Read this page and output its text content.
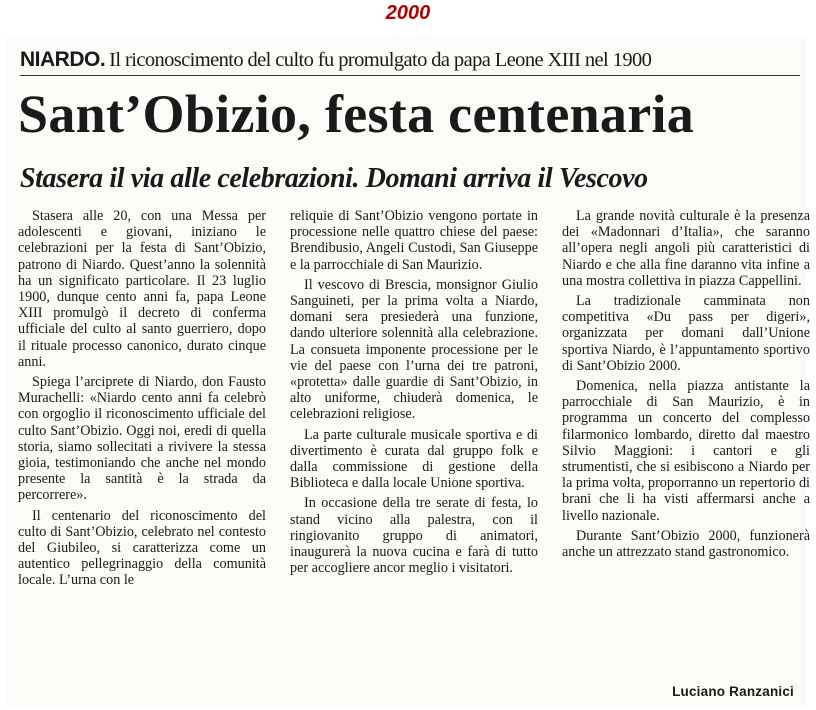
2000
NIARDO. Il riconoscimento del culto fu promulgato da papa Leone XIII nel 1900
Sant’Obizio, festa centenaria
Stasera il via alle celebrazioni. Domani arriva il Vescovo

Stasera alle 20, con una Messa per adolescenti e giovani, iniziano le celebrazioni per la festa di Sant’Obizio, patrono di Niardo. Quest’anno la solennità ha un significato particolare. Il 23 luglio 1900, dunque cento anni fa, papa Leone XIII promulgò il decreto di conferma ufficiale del culto al santo guerriero, dopo il rituale processo canonico, durato cinque anni.

Spiega l’arciprete di Niardo, don Fausto Murachelli: «Niardo cento anni fa celebrò con orgoglio il riconoscimento ufficiale del culto Sant’Obizio. Oggi noi, eredi di quella storia, siamo sollecitati a rivivere la stessa gioia, testimoniando che anche nel mondo presente la santità è la strada da percorrere».

Il centenario del riconoscimento del culto di Sant’Obizio, celebrato nel contesto del Giubileo, si caratterizza come un autentico pellegrinaggio della comunità locale. L’urna con le

reliquie di Sant’Obizio vengono portate in processione nelle quattro chiese del paese: Brendibusio, Angeli Custodi, San Giuseppe e la parrocchiale di San Maurizio.

Il vescovo di Brescia, monsignor Giulio Sanguineti, per la prima volta a Niardo, domani sera presiederà una funzione, dando ulteriore solennità alla celebrazione. La consueta imponente processione per le vie del paese con l’urna dei tre patroni, «protetta» dalle guardie di Sant’Obizio, in alto uniforme, chiuderà domenica, le celebrazioni religiose.

La parte culturale musicale sportiva e di divertimento è curata dal gruppo folk e dalla commissione di gestione della Biblioteca e dalla locale Unione sportiva.

In occasione della tre serate di festa, lo stand vicino alla palestra, con il ringiovanito gruppo di animatori, inaugurerà la nuova cucina e farà di tutto per accogliere ancor meglio i visitatori.

La grande novità culturale è la presenza dei «Madonnari d’Italia», che saranno all’opera negli angoli più caratteristici di Niardo e che alla fine daranno vita infine a una mostra collettiva in piazza Cappellini.

La tradizionale camminata non competitiva «Du pass per digeri», organizzata per domani dall’Unione sportiva Niardo, è l’appuntamento sportivo di Sant’Obizio 2000.

Domenica, nella piazza antistante la parrocchiale di San Maurizio, è in programma un concerto del complesso filarmonico lombardo, diretto dal maestro Silvio Maggioni: i cantori e gli strumentisti, che si esibiscono a Niardo per la prima volta, proporranno un repertorio di brani che li ha visti affermarsi anche a livello nazionale.

Durante Sant’Obizio 2000, funzionerà anche un attrezzato stand gastronomico.

Luciano Ranzanici
